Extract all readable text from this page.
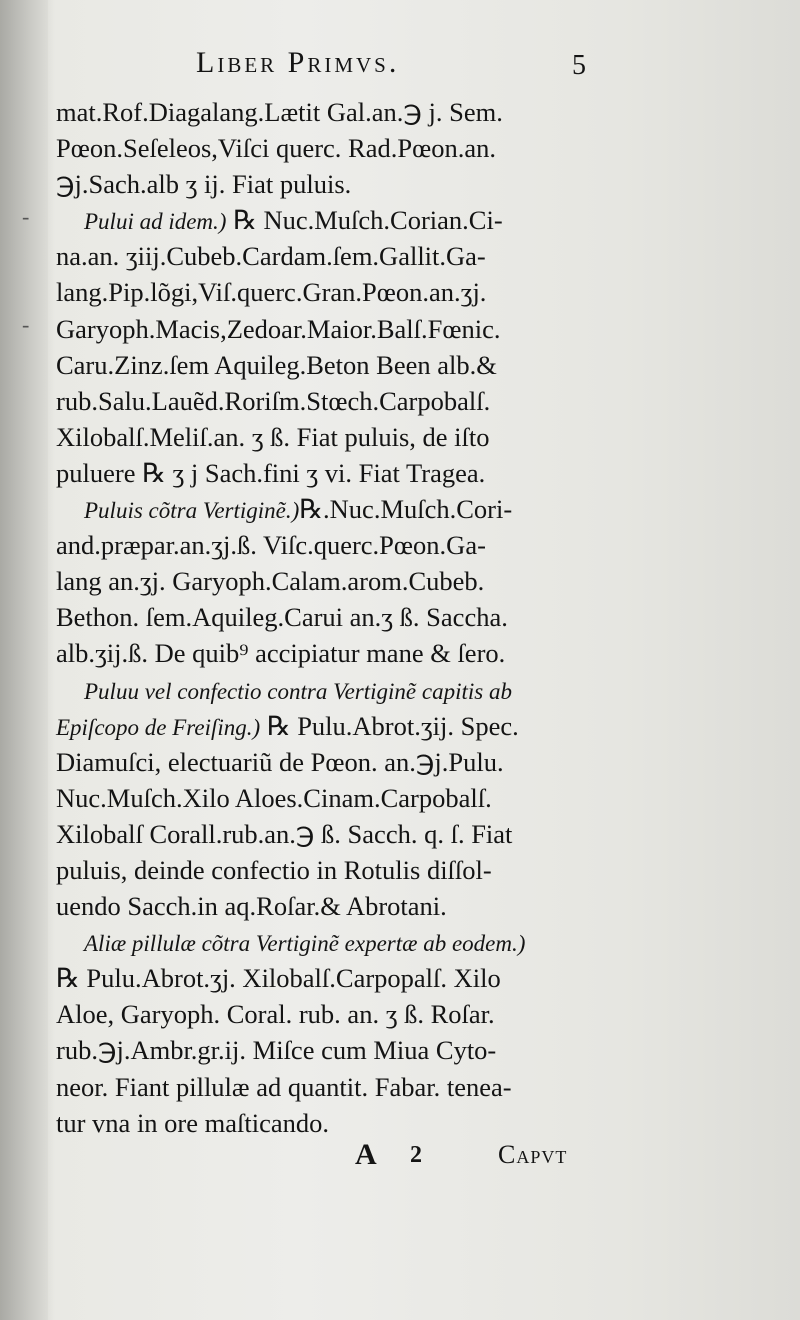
Liber Primvs.	5
-
-
mat.Rof.Diagalang.Lætit Gal.an.℈ j. Sem.
Pœon.Seſeleos,Viſci querc. Rad.Pœon.an.
℈j.Sach.alb ʒ ij. Fiat puluis.
Pului ad idem.) ℞ Nuc.Muſch.Corian.Ci-
na.an. ʒiij.Cubeb.Cardam.ſem.Gallit.Ga-
lang.Pip.lõgi,Viſ.querc.Gran.Pœon.an.ʒj.
Garyoph.Macis,Zedoar.Maior.Balſ.Fœnic.
Caru.Zinz.ſem Aquileg.Beton Been alb.&
rub.Salu.Lauẽd.Roriſm.Stœch.Carpobalſ.
Xilobalſ.Meliſ.an. ʒ ß. Fiat puluis, de iſto
puluere ℞ ʒ j Sach.fini ʒ vi. Fiat Tragea.
Puluis cõtra Vertiginẽ.)℞.Nuc.Muſch.Cori-
and.præpar.an.ʒj.ß. Viſc.querc.Pœon.Ga-
lang an.ʒj. Garyoph.Calam.arom.Cubeb.
Bethon. ſem.Aquileg.Carui an.ʒ ß. Saccha.
alb.ʒij.ß. De quib⁹ accipiatur mane & ſero.
Puluu vel confectio contra Vertiginẽ capitis ab
Epiſcopo de Freiſing.) ℞ Pulu.Abrot.ʒij. Spec.
Diamuſci, electuariũ de Pœon. an.℈j.Pulu.
Nuc.Muſch.Xilo Aloes.Cinam.Carpobalſ.
Xilobalſ Corall.rub.an.℈ ß. Sacch. q. ſ. Fiat
puluis, deinde confectio in Rotulis diſſol-
uendo Sacch.in aq.Roſar.& Abrotani.
Aliæ pillulæ cõtra Vertiginẽ expertæ ab eodem.)
℞ Pulu.Abrot.ʒj. Xilobalſ.Carpopalſ. Xilo
Aloe, Garyoph. Coral. rub. an. ʒ ß. Roſar.
rub.℈j.Ambr.gr.ij. Miſce cum Miua Cyto-
neor. Fiant pillulæ ad quantit. Fabar. tenea-
tur vna in ore maſticando.
A 2	Capvt
